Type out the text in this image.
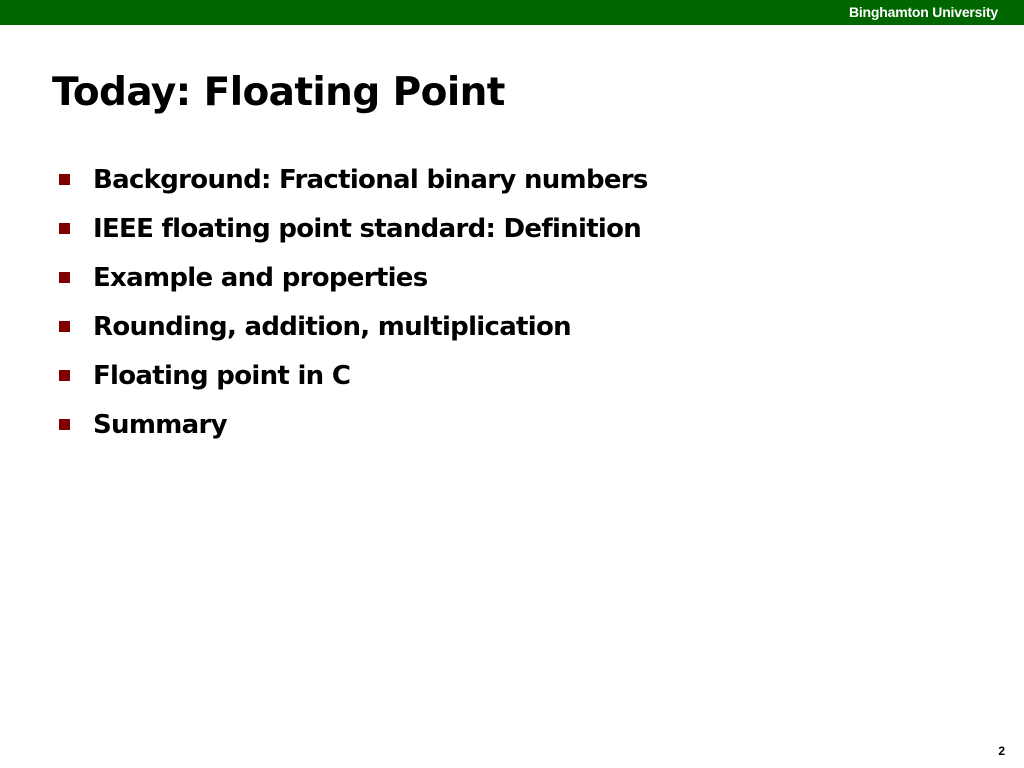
Binghamton University
Today: Floating Point
Background: Fractional binary numbers
IEEE floating point standard: Definition
Example and properties
Rounding, addition, multiplication
Floating point in C
Summary
2
